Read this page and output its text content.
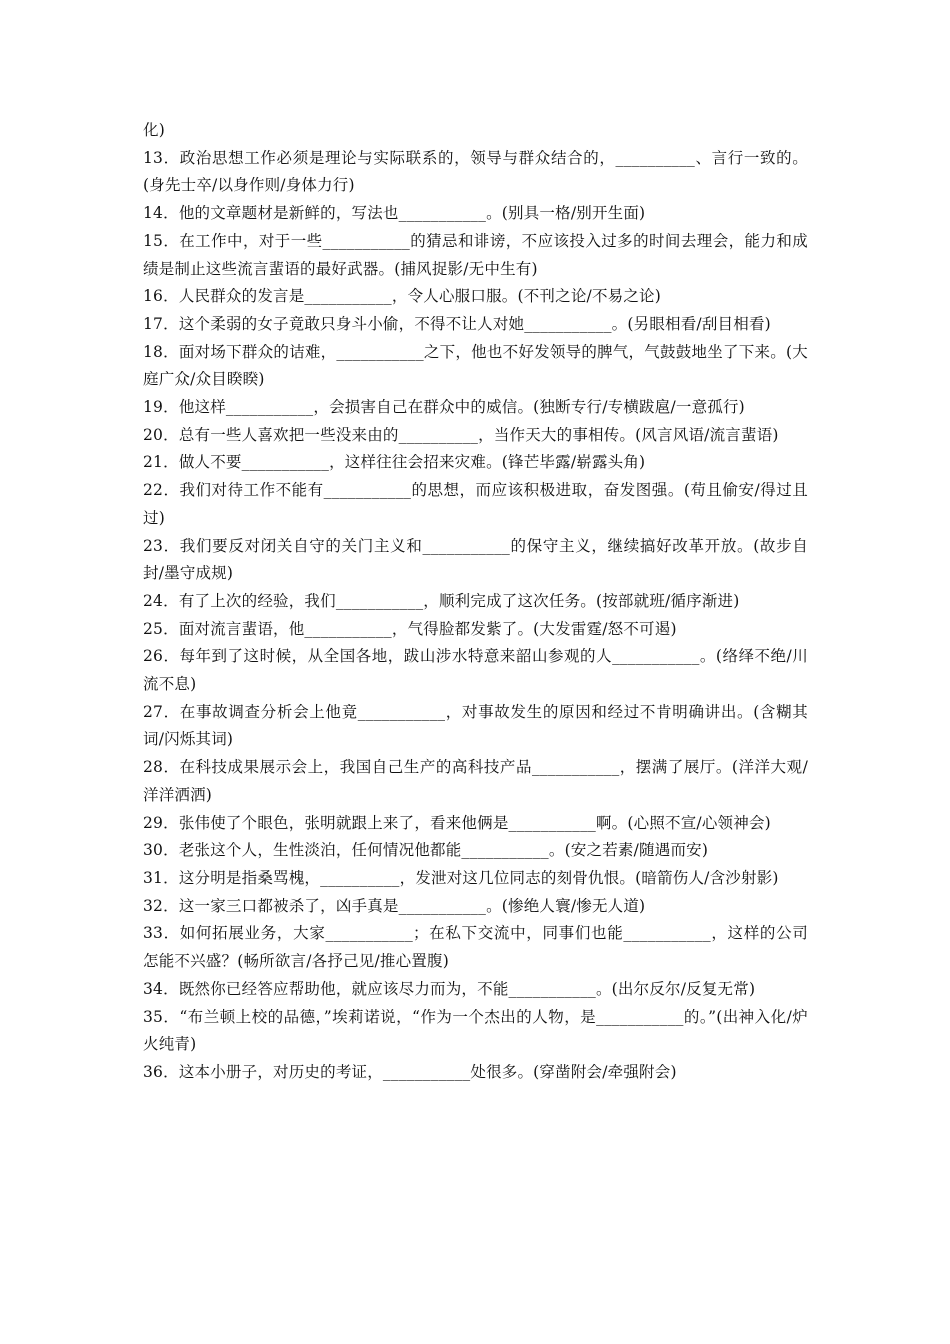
化)

13．政治思想工作必须是理论与实际联系的，领导与群众结合的，__________、言行一致的。(身先士卒/以身作则/身体力行)

14．他的文章题材是新鲜的，写法也___________。(别具一格/别开生面)

15．在工作中，对于一些___________的猜忌和诽谤，不应该投入过多的时间去理会，能力和成绩是制止这些流言蜚语的最好武器。(捕风捉影/无中生有)

16．人民群众的发言是___________，令人心服口服。(不刊之论/不易之论)

17．这个柔弱的女子竟敢只身斗小偷，不得不让人对她___________。(另眼相看/刮目相看)

18．面对场下群众的诘难，___________之下，他也不好发领导的脾气，气鼓鼓地坐了下来。(大庭广众/众目睽睽)

19．他这样___________，会损害自己在群众中的威信。(独断专行/专横跋扈/一意孤行)

20．总有一些人喜欢把一些没来由的__________，当作天大的事相传。(风言风语/流言蜚语)

21．做人不要___________，这样往往会招来灾难。(锋芒毕露/崭露头角)

22．我们对待工作不能有___________的思想，而应该积极进取，奋发图强。(苟且偷安/得过且过)

23．我们要反对闭关自守的关门主义和___________的保守主义，继续搞好改革开放。(故步自封/墨守成规)

24．有了上次的经验，我们___________，顺利完成了这次任务。(按部就班/循序渐进)

25．面对流言蜚语，他___________，气得脸都发紫了。(大发雷霆/怒不可遏)

26．每年到了这时候，从全国各地，跋山涉水特意来韶山参观的人___________。(络绎不绝/川流不息)

27．在事故调查分析会上他竟___________，对事故发生的原因和经过不肯明确讲出。(含糊其词/闪烁其词)

28．在科技成果展示会上，我国自己生产的高科技产品___________，摆满了展厅。(洋洋大观/洋洋洒洒)

29．张伟使了个眼色，张明就跟上来了，看来他俩是___________啊。(心照不宣/心领神会)

30．老张这个人，生性淡泊，任何情况他都能___________。(安之若素/随遇而安)

31．这分明是指桑骂槐，__________，发泄对这几位同志的刻骨仇恨。(暗箭伤人/含沙射影)

32．这一家三口都被杀了，凶手真是___________。(惨绝人寰/惨无人道)

33．如何拓展业务，大家___________；在私下交流中，同事们也能___________，这样的公司怎能不兴盛？(畅所欲言/各抒己见/推心置腹)

34．既然你已经答应帮助他，就应该尽力而为，不能___________。(出尔反尔/反复无常)

35．“布兰顿上校的品德，”埃莉诺说，“作为一个杰出的人物，是___________的。”(出神入化/炉火纯青)

36．这本小册子，对历史的考证，___________处很多。(穿凿附会/牵强附会)
